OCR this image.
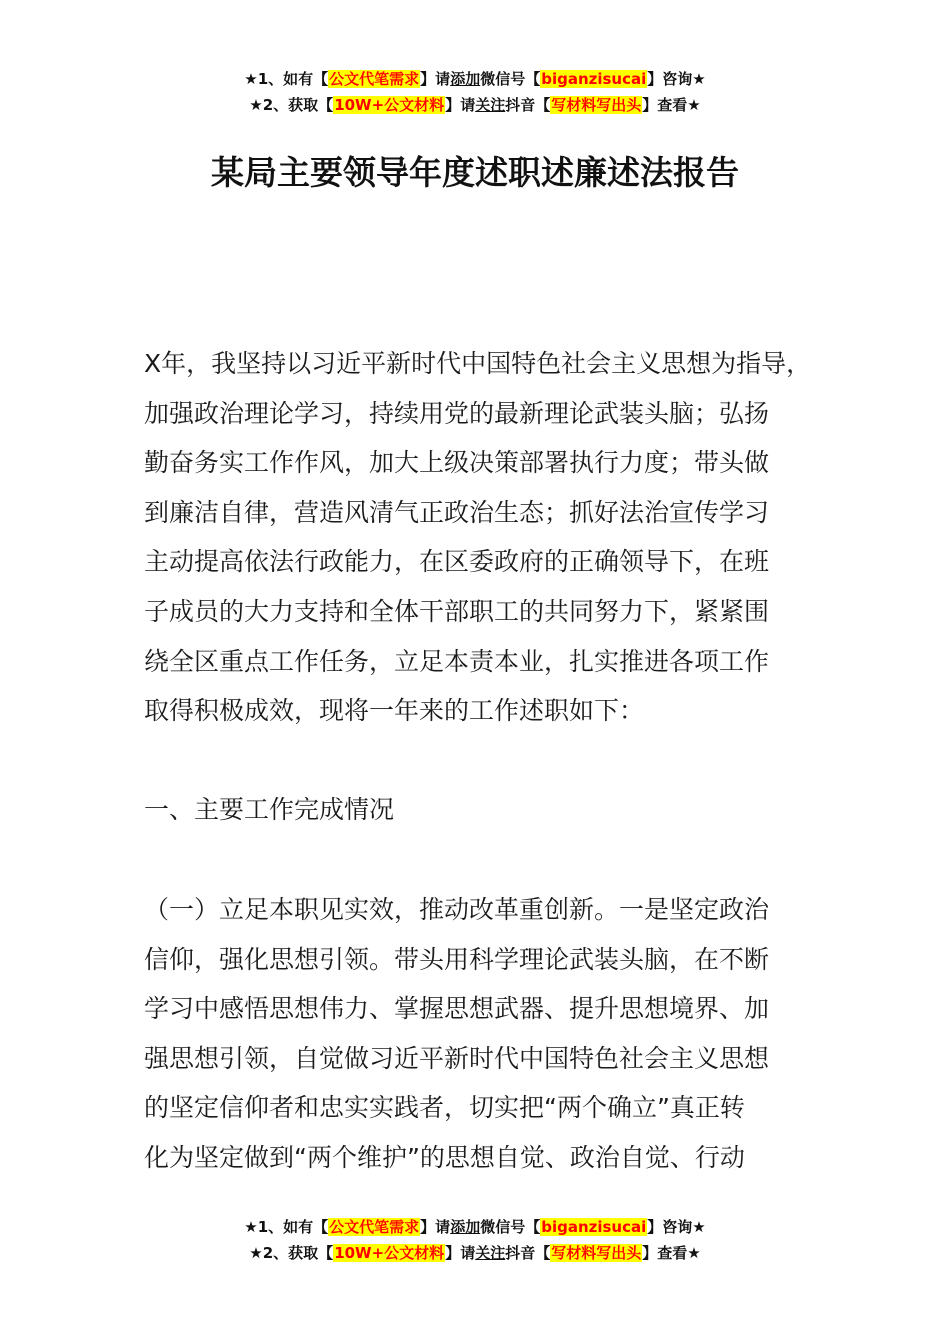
★1、如有【公文代笔需求】请添加微信号【biganzisucai】咨询★
★2、获取【10W+公文材料】请关注抖音【写材料写出头】查看★
某局主要领导年度述职述廉述法报告
X年，我坚持以习近平新时代中国特色社会主义思想为指导，
加强政治理论学习，持续用党的最新理论武装头脑；弘扬
勤奋务实工作作风，加大上级决策部署执行力度；带头做
到廉洁自律，营造风清气正政治生态；抓好法治宣传学习
主动提高依法行政能力，在区委政府的正确领导下，在班
子成员的大力支持和全体干部职工的共同努力下，紧紧围
绕全区重点工作任务，立足本责本业，扎实推进各项工作
取得积极成效，现将一年来的工作述职如下：
一、主要工作完成情况
（一）立足本职见实效，推动改革重创新。一是坚定政治
信仰，强化思想引领。带头用科学理论武装头脑，在不断
学习中感悟思想伟力、掌握思想武器、提升思想境界、加
强思想引领，自觉做习近平新时代中国特色社会主义思想
的坚定信仰者和忠实实践者，切实把“两个确立”真正转
化为坚定做到“两个维护”的思想自觉、政治自觉、行动
★1、如有【公文代笔需求】请添加微信号【biganzisucai】咨询★
★2、获取【10W+公文材料】请关注抖音【写材料写出头】查看★
